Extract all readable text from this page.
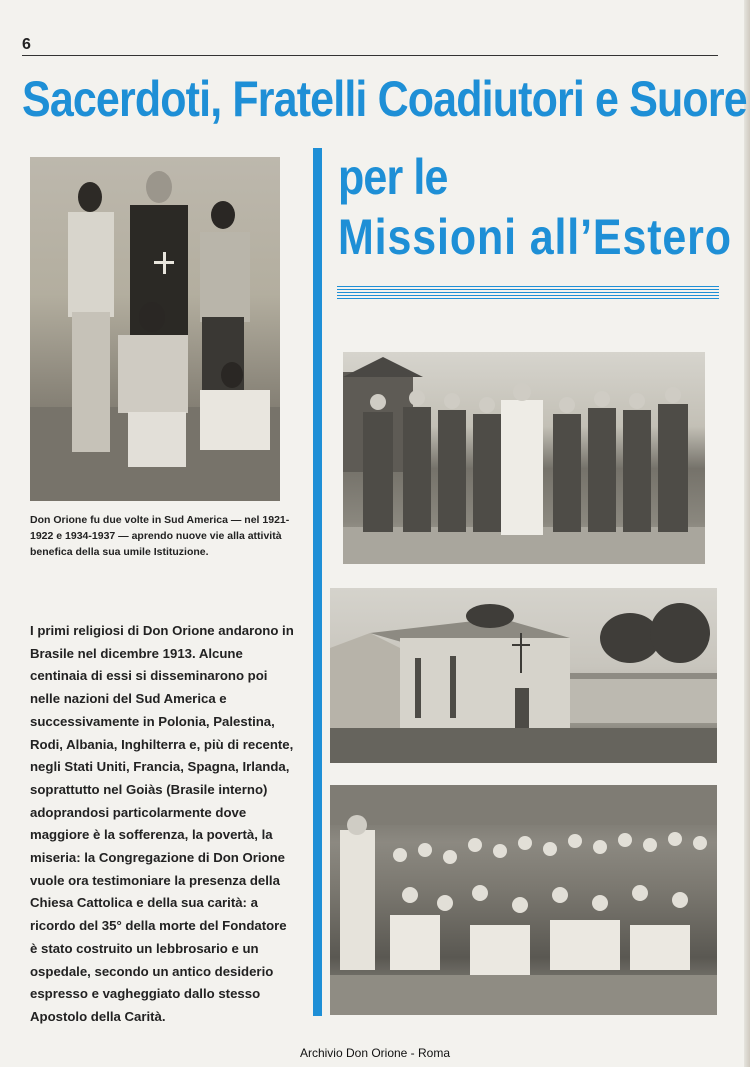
6
Sacerdoti, Fratelli Coadiutori e Suore
per le
Missioni all’Estero

Don Orione fu due volte in Sud America — nel 1921-1922 e 1934-1937 — aprendo nuove vie alla attività benefica della sua umile Istituzione.

I primi religiosi di Don Orione andarono in Brasile nel dicembre 1913. Alcune centinaia di essi si disseminarono poi nelle nazioni del Sud America e successivamente in Polonia, Palestina, Rodi, Albania, Inghilterra e, più di recente, negli Stati Uniti, Francia, Spagna, Irlanda, soprattutto nel Goiàs (Brasile interno) adoprandosi particolarmente dove maggiore è la sofferenza, la povertà, la miseria: la Congregazione di Don Orione vuole ora testimoniare la presenza della Chiesa Cattolica e della sua carità: a ricordo del 35° della morte del Fondatore è stato costruito un lebbrosario e un ospedale, secondo un antico desiderio espresso e vagheggiato dallo stesso Apostolo della Carità.

Archivio Don Orione - Roma
